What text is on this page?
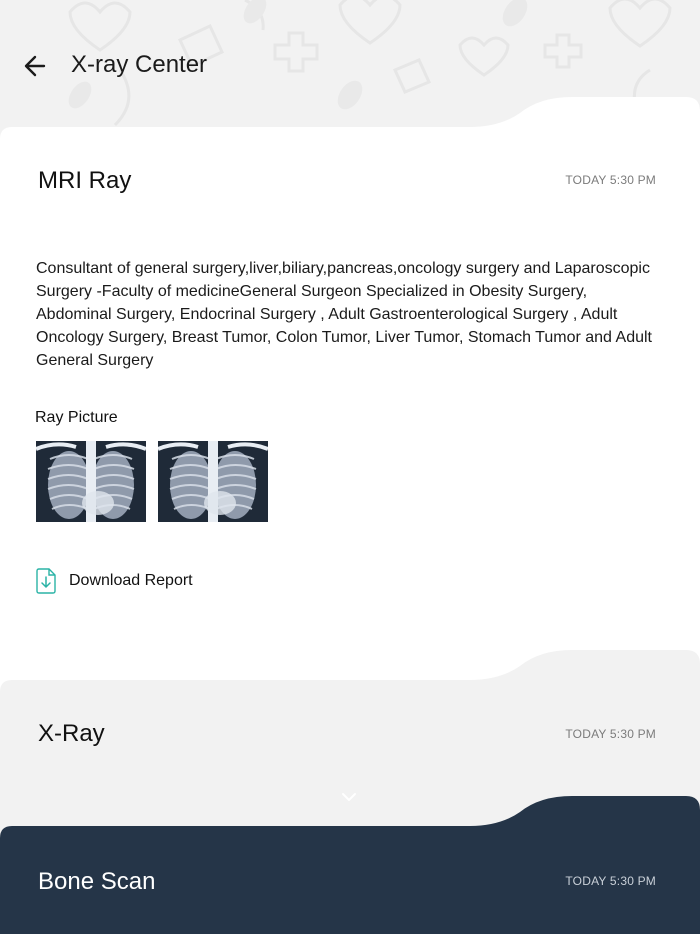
X-ray Center
MRI Ray	TODAY 5:30 PM
Consultant of general surgery,liver,biliary,pancreas,oncology surgery and Laparoscopic Surgery -Faculty of medicineGeneral Surgeon Specialized in Obesity Surgery, Abdominal Surgery, Endocrinal Surgery , Adult Gastroenterological Surgery , Adult Oncology Surgery, Breast Tumor, Colon Tumor, Liver Tumor, Stomach Tumor and Adult General Surgery
Ray Picture
Download Report
X-Ray	TODAY 5:30 PM
Bone Scan	TODAY 5:30 PM
